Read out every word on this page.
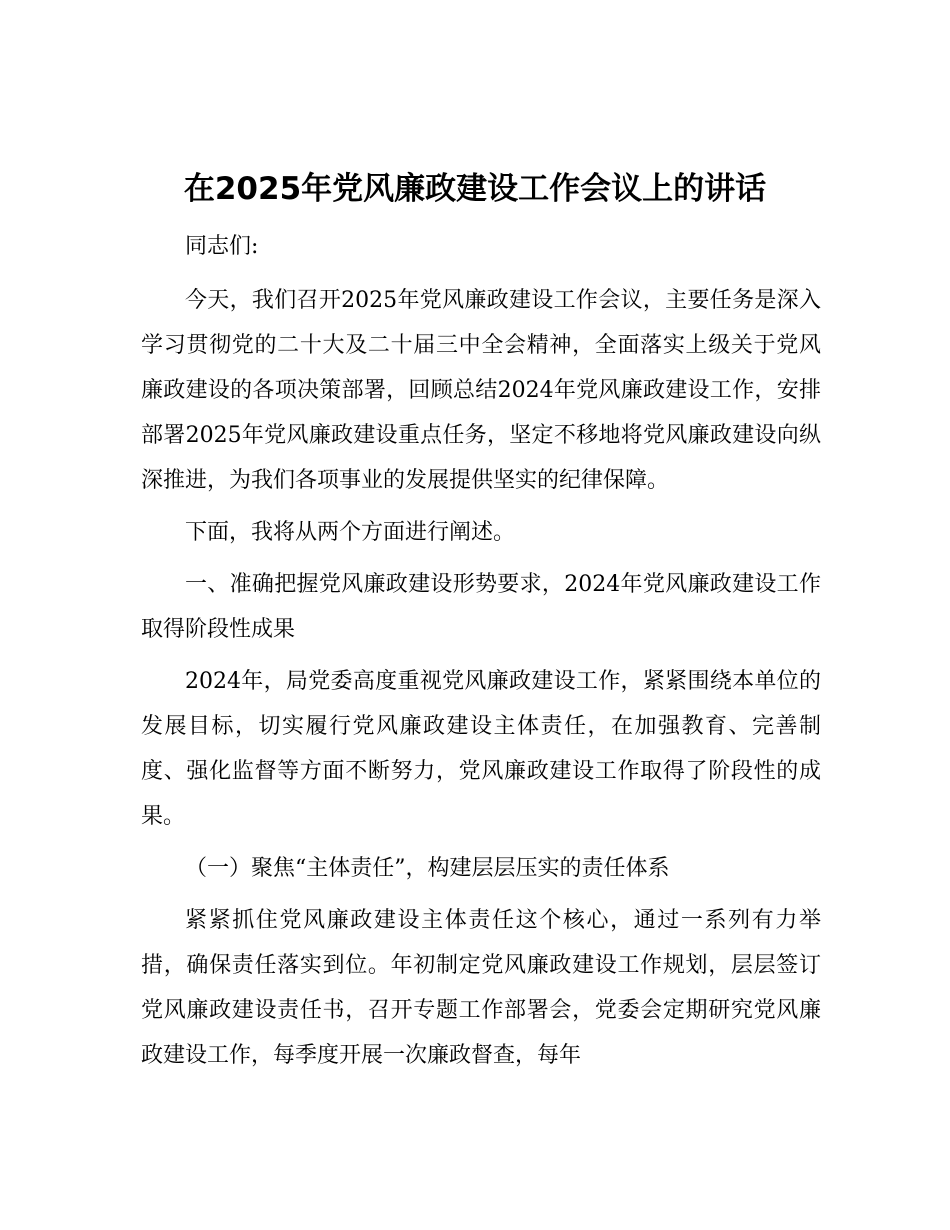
在2025年党风廉政建设工作会议上的讲话

同志们:

今天，我们召开2025年党风廉政建设工作会议，主要任务是深入学习贯彻党的二十大及二十届三中全会精神，全面落实上级关于党风廉政建设的各项决策部署，回顾总结2024年党风廉政建设工作，安排部署2025年党风廉政建设重点任务，坚定不移地将党风廉政建设向纵深推进，为我们各项事业的发展提供坚实的纪律保障。

下面，我将从两个方面进行阐述。

一、准确把握党风廉政建设形势要求，2024年党风廉政建设工作取得阶段性成果

2024年，局党委高度重视党风廉政建设工作，紧紧围绕本单位的发展目标，切实履行党风廉政建设主体责任，在加强教育、完善制度、强化监督等方面不断努力，党风廉政建设工作取得了阶段性的成果。

（一）聚焦“主体责任”，构建层层压实的责任体系

紧紧抓住党风廉政建设主体责任这个核心，通过一系列有力举措，确保责任落实到位。年初制定党风廉政建设工作规划，层层签订党风廉政建设责任书，召开专题工作部署会，党委会定期研究党风廉政建设工作，每季度开展一次廉政督查，每年
